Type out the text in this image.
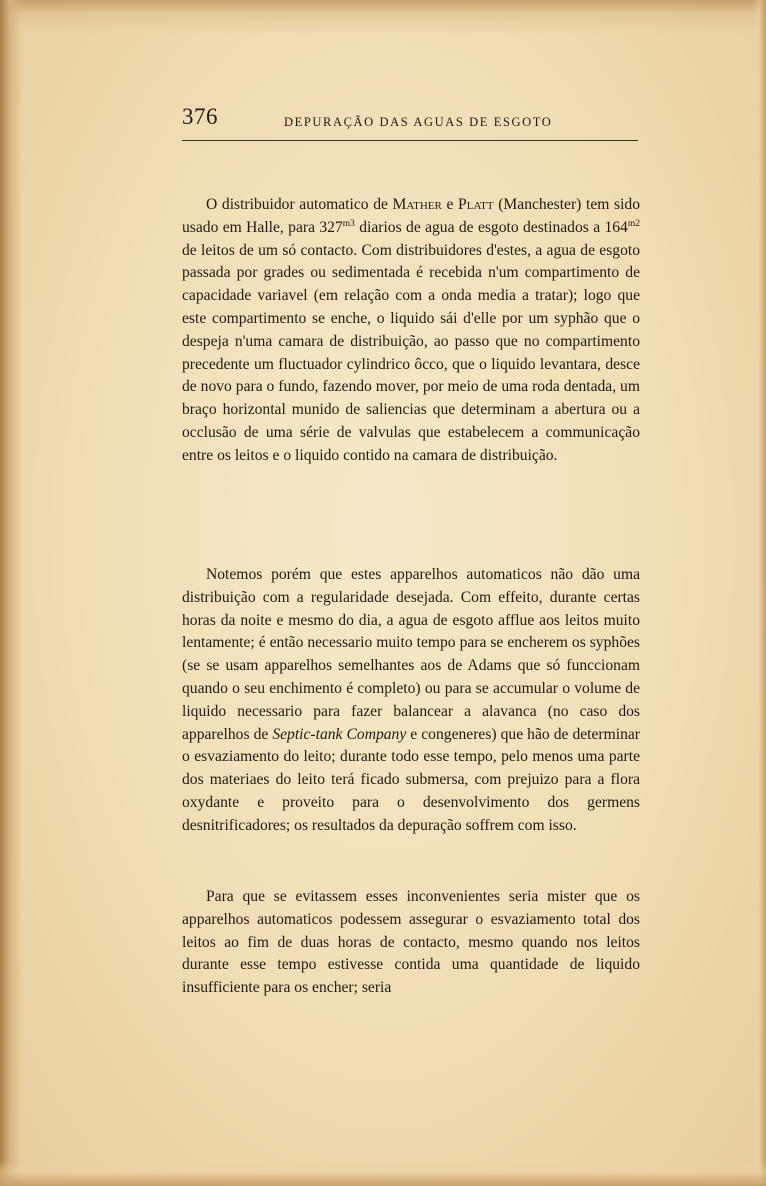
376	DEPURAÇÃO DAS AGUAS DE ESGOTO
O distribuidor automatico de Mather e Platt (Manchester) tem sido usado em Halle, para $327^{m3}$ diarios de agua de esgoto destinados a $164^{m2}$ de leitos de um só contacto. Com distribuidores d'estes, a agua de esgoto passada por grades ou sedimentada é recebida n'um compartimento de capacidade variavel (em relação com a onda media a tratar); logo que este compartimento se enche, o liquido sái d'elle por um syphão que o despeja n'uma camara de distribuição, ao passo que no compartimento precedente um fluctuador cylindrico ôcco, que o liquido levantara, desce de novo para o fundo, fazendo mover, por meio de uma roda dentada, um braço horizontal munido de saliencias que determinam a abertura ou a occlusão de uma série de valvulas que estabelecem a communicação entre os leitos e o liquido contido na camara de distribuição.
Notemos porém que estes apparelhos automaticos não dão uma distribuição com a regularidade desejada. Com effeito, durante certas horas da noite e mesmo do dia, a agua de esgoto afflue aos leitos muito lentamente; é então necessario muito tempo para se encherem os syphões (se se usam apparelhos semelhantes aos de Adams que só funccionam quando o seu enchimento é completo) ou para se accumular o volume de liquido necessario para fazer balancear a alavanca (no caso dos apparelhos de Septic-tank Company e congeneres) que hão de determinar o esvaziamento do leito; durante todo esse tempo, pelo menos uma parte dos materiaes do leito terá ficado submersa, com prejuizo para a flora oxydante e proveito para o desenvolvimento dos germens desnitrificadores; os resultados da depuração soffrem com isso.
Para que se evitassem esses inconvenientes seria mister que os apparelhos automaticos podessem assegurar o esvaziamento total dos leitos ao fim de duas horas de contacto, mesmo quando nos leitos durante esse tempo estivesse contida uma quantidade de liquido insufficiente para os encher; seria
